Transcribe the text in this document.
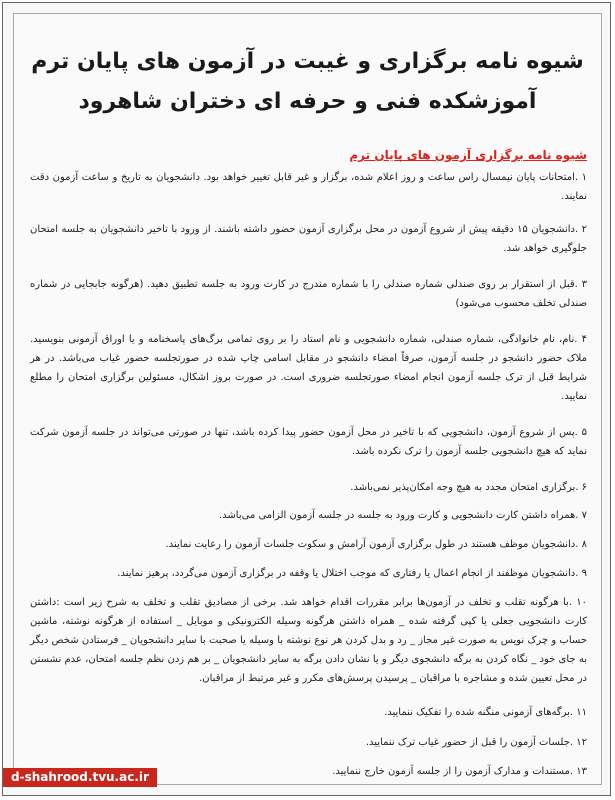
شیوه نامه برگزاری و غیبت در آزمون های پایان ترم
آموزشکده فنی و حرفه ای دختران شاهرود
شیوه نامه برگزاری آزمون های پایان ترم

۱ .امتحانات پایان نیمسال راس ساعت و روز اعلام شده، برگزار و غیر قابل تغییر خواهد بود. دانشجویان به تاریخ و ساعت آزمون دقت نمایند.

۲ .دانشجویان ۱۵ دقیقه پیش از شروع آزمون در محل برگزاری آزمون حضور داشته باشند. از ورود با تاخیر دانشجویان به جلسه امتحان جلوگیری خواهد شد.

۳ .قبل از استقرار بر روی صندلی شماره صندلی را با شماره مندرج در کارت ورود به جلسه تطبیق دهید. (هرگونه جابجایی در شماره صندلی تخلف محسوب می‌شود)

۴ .نام، نام خانوادگی، شماره صندلی، شماره دانشجویی و نام استاد را بر روی تمامی برگ‌های پاسخنامه و یا اوراق آزمونی بنویسید. ملاک حضور دانشجو در جلسه آزمون، صرفاً امضاء دانشجو در مقابل اسامی چاپ شده در صورتجلسه حضور غیاب می‌باشد. در هر شرایط قبل از ترک جلسه آزمون انجام امضاء صورتجلسه ضروری است. در صورت بروز اشکال، مسئولین برگزاری امتحان را مطلع نمایید.

۵ .پس از شروع آزمون، دانشجویی که با تاخیر در محل آزمون حضور پیدا کرده باشد، تنها در صورتی می‌تواند در جلسه آزمون شرکت نماید که هیچ دانشجویی جلسه آزمون را ترک نکرده باشد.

۶ .برگزاری امتحان مجدد به هیچ وجه امکان‌پذیر نمی‌باشد.

۷ .همراه داشتن کارت دانشجویی و کارت ورود به جلسه در جلسه آزمون الزامی می‌باشد.

۸ .دانشجویان موظف هستند در طول برگزاری آزمون آرامش و سکوت جلسات آزمون را رعایت نمایند.

۹ .دانشجویان موظفند از انجام اعمال یا رفتاری که موجب اختلال یا وقفه در برگزاری آزمون می‌گردد، پرهیز نمایند.

۱۰ .با هرگونه تقلب و تخلف در آزمون‌ها برابر مقررات اقدام خواهد شد. برخی از مصادیق تقلب و تخلف به شرح زیر است :داشتن کارت دانشجویی جعلی یا کپی گرفته شده _ همراه داشتن هرگونه وسیله الکترونیکی و موبایل _ استفاده از هرگونه نوشته، ماشین حساب و چرک نویس به صورت غیر مجاز _ رد و بدل کردن هر نوع نوشته با وسیله یا صحبت با سایر دانشجویان _ فرستادن شخص دیگر به جای خود _ نگاه کردن به برگه دانشجوی دیگر و یا نشان دادن برگه به سایر دانشجویان _ بر هم زدن نظم جلسه امتحان، عدم نشستن در محل تعیین شده و مشاجره با مراقبان _ پرسیدن پرسش‌های مکرر و غیر مرتبط از مراقبان.

۱۱ .برگه‌های آزمونی منگنه شده را تفکیک ننمایید.

۱۲ .جلسات آزمون را قبل از حضور غیاب ترک ننمایید.

۱۳ .مستندات و مدارک آزمون را از جلسه آزمون خارج ننمایید.

d-shahrood.tvu.ac.ir
